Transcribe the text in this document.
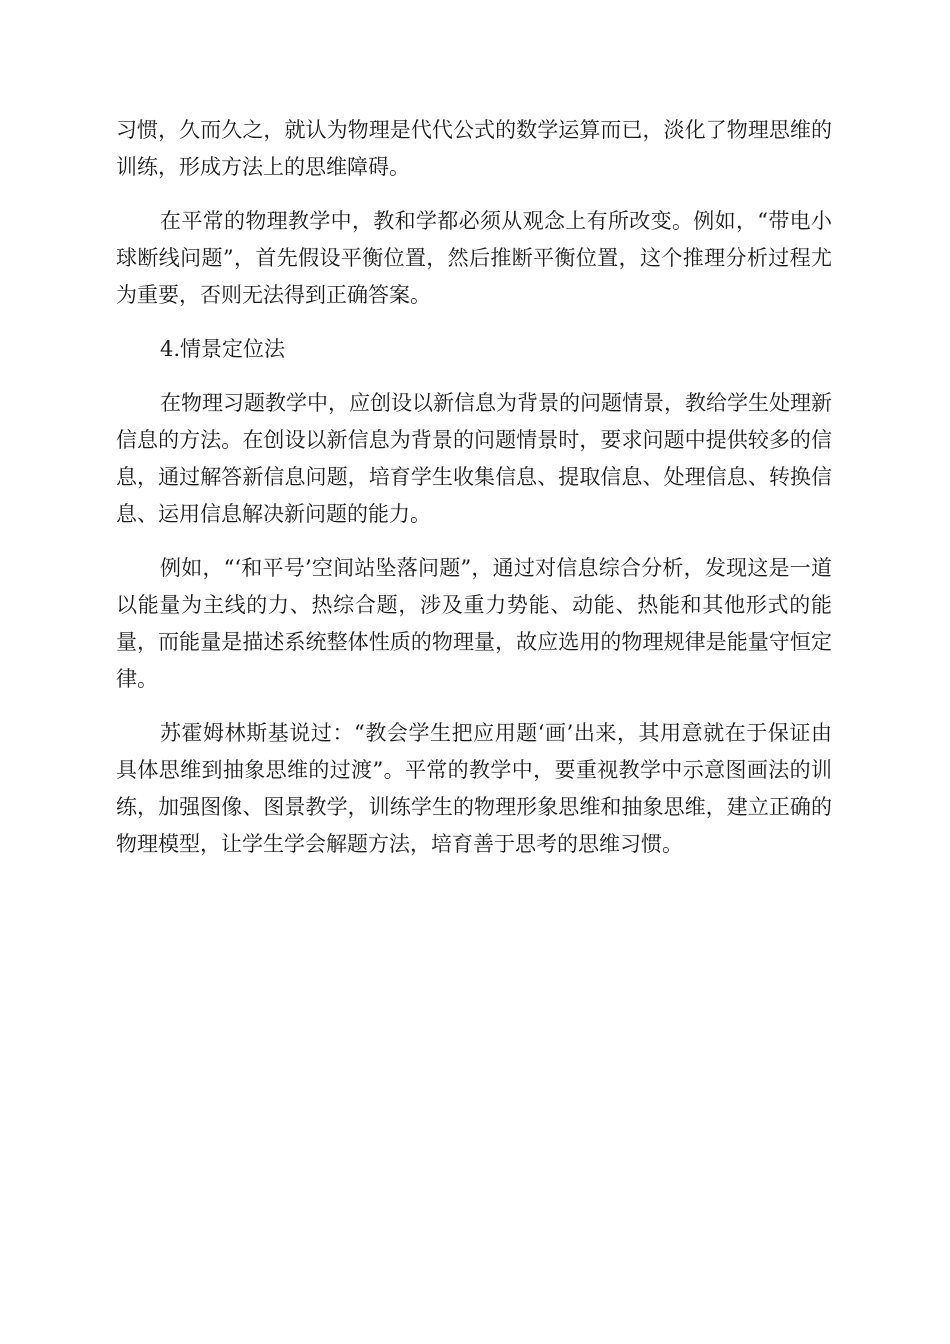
习惯，久而久之，就认为物理是代代公式的数学运算而已，淡化了物理思维的训练，形成方法上的思维障碍。

在平常的物理教学中，教和学都必须从观念上有所改变。例如，“带电小球断线问题”，首先假设平衡位置，然后推断平衡位置，这个推理分析过程尤为重要，否则无法得到正确答案。

4.情景定位法

在物理习题教学中，应创设以新信息为背景的问题情景，教给学生处理新信息的方法。在创设以新信息为背景的问题情景时，要求问题中提供较多的信息，通过解答新信息问题，培育学生收集信息、提取信息、处理信息、转换信息、运用信息解决新问题的能力。

例如，“‘和平号’空间站坠落问题”，通过对信息综合分析，发现这是一道以能量为主线的力、热综合题，涉及重力势能、动能、热能和其他形式的能量，而能量是描述系统整体性质的物理量，故应选用的物理规律是能量守恒定律。

苏霍姆林斯基说过：“教会学生把应用题‘画’出来，其用意就在于保证由具体思维到抽象思维的过渡”。平常的教学中，要重视教学中示意图画法的训练，加强图像、图景教学，训练学生的物理形象思维和抽象思维，建立正确的物理模型，让学生学会解题方法，培育善于思考的思维习惯。
